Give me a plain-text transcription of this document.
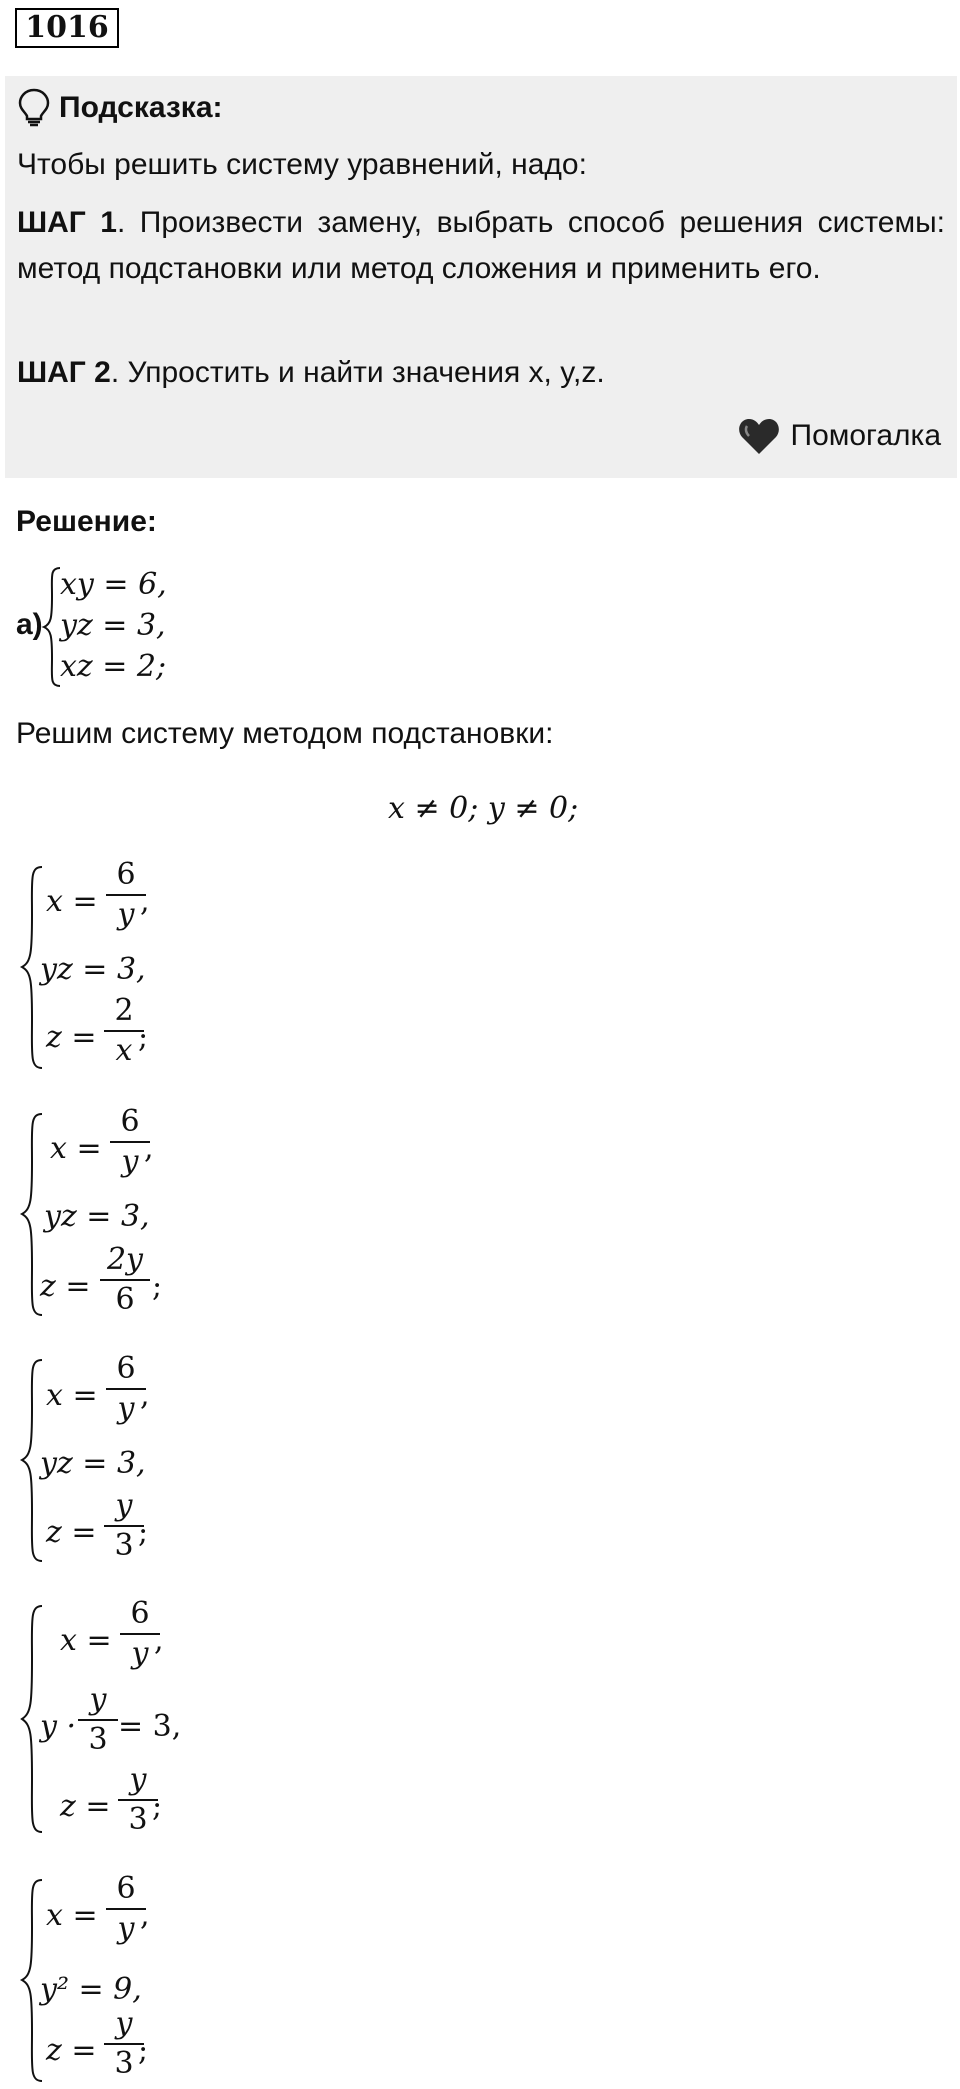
1016
Подсказка:
Чтобы решить систему уравнений, надо:
ШАГ 1. Произвести замену, выбрать способ решения системы: метод подстановки или метод сложения и применить его.
ШАГ 2. Упростить и найти значения x, y,z.
Помогалка
Решение:
а)
xy = 6,
yz = 3,
xz = 2;
Решим систему методом подстановки:
x ≠ 0; y ≠ 0;
x =
6
y ,
yz = 3,
z =
2
x ;
x =
6
y ,
yz = 3,
z =
2y
6 ;
x =
6
y ,
yz = 3,
z =
y
3 ;
x =
6
y ,
y ·
y
3 = 3,
z =
y
3 ;
x =
6
y ,
y² = 9,
z =
y
3 ;
